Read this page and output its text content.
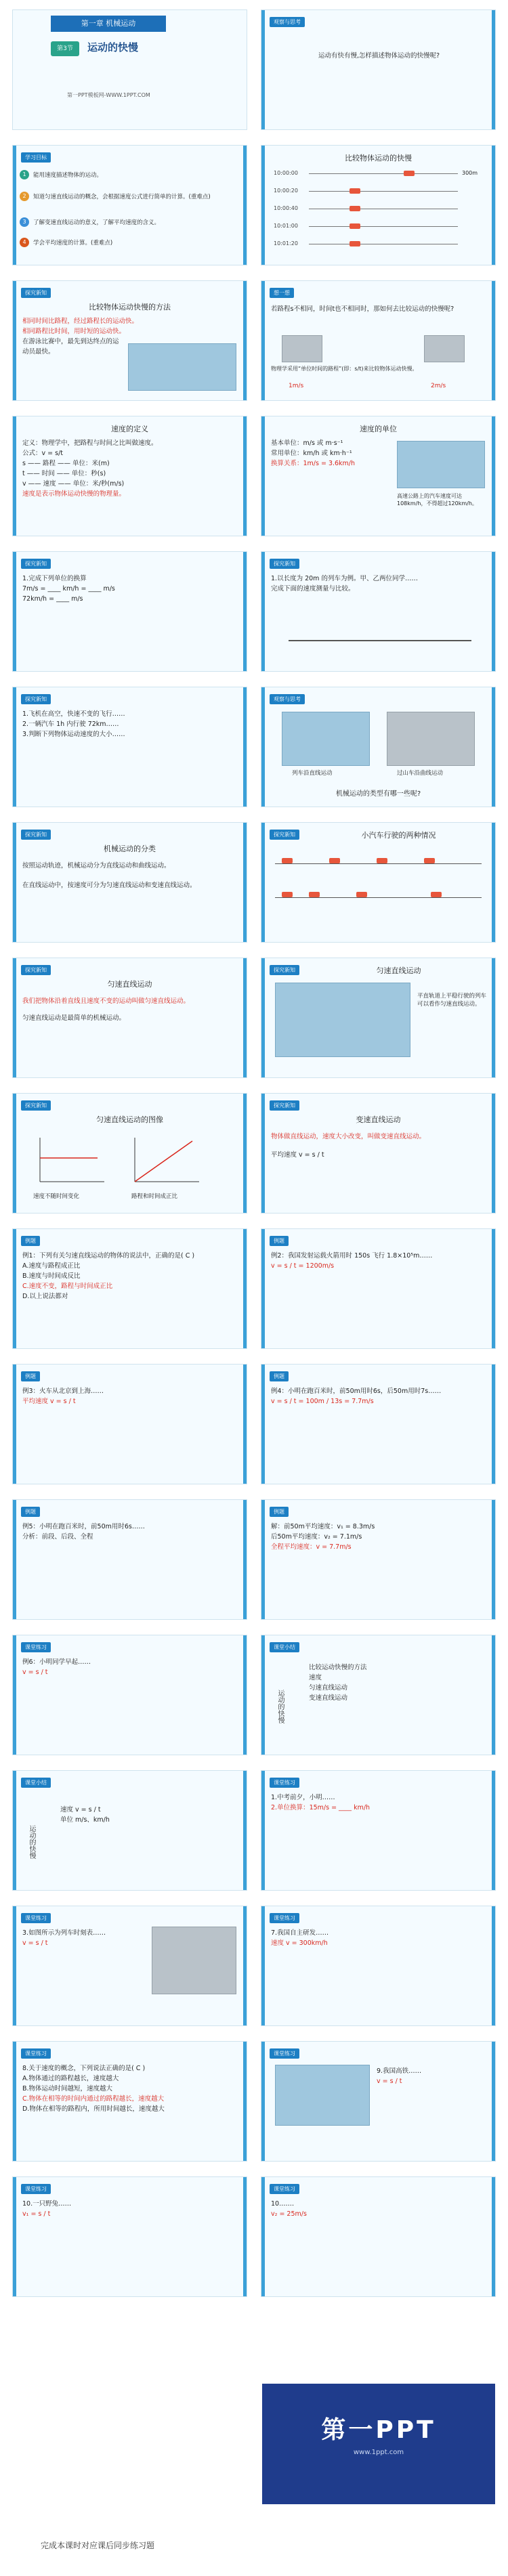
第一章 机械运动
第3节	运动的快慢
第一PPT模板网-WWW.1PPT.COM
观察与思考
运动有快有慢,怎样描述物体运动的快慢呢?
学习目标
1	能用速度描述物体的运动。
2	知道匀速直线运动的概念，会根据速度公式进行简单的计算。(重难点)
3	了解变速直线运动的意义，了解平均速度的含义。
4	学会平均速度的计算。(重难点)
比较物体运动的快慢
10:00:00
10:00:20
10:00:40
10:01:00
10:01:20
300m
探究新知
比较物体运动快慢的方法
相同时间比路程，经过路程长的运动快。
相同路程比时间，用时短的运动快。
在游泳比赛中，最先到达终点的运动员最快。
想一想
若路程s不相同，时间t也不相同时，那如何去比较运动的快慢呢?
1m/s	2m/s
物理学采用“单位时间的路程”(即：s/t)来比较物体运动快慢。
速度的定义
定义：物理学中，把路程与时间之比叫做速度。
公式：v = s/t
s —— 路程 —— 单位：米(m)
t —— 时间 —— 单位：秒(s)
v —— 速度 —— 单位：米/秒(m/s)
速度是表示物体运动快慢的物理量。
速度的单位
基本单位：m/s 或 m·s⁻¹
常用单位：km/h 或 km·h⁻¹
换算关系：1m/s = 3.6km/h
高速公路上的汽车速度可达108km/h，不得超过120km/h。
探究新知
1.完成下列单位的换算
7m/s = ____ km/h = ____ m/s
72km/h = ____ m/s
探究新知
1.以长度为 20m 的列车为例。甲、乙两位同学……
完成下面的速度测量与比较。
探究新知
1.飞机在高空，快速不变的飞行……
2.一辆汽车 1h 内行驶 72km……
3.判断下列物体运动速度的大小……
观察与思考
列车沿直线运动	过山车沿曲线运动
机械运动的类型有哪一些呢?
探究新知
机械运动的分类
按照运动轨迹，机械运动分为直线运动和曲线运动。
在直线运动中，按速度可分为匀速直线运动和变速直线运动。
探究新知	小汽车行驶的两种情况
探究新知
匀速直线运动
我们把物体沿着直线且速度不变的运动叫做匀速直线运动。
匀速直线运动是最简单的机械运动。
探究新知	匀速直线运动
平直轨道上平稳行驶的列车可以看作匀速直线运动。
探究新知
匀速直线运动的图像
速度不随时间变化	路程和时间成正比
探究新知
变速直线运动
物体做直线运动，速度大小改变，叫做变速直线运动。
平均速度 v = s / t
例题
例1：下列有关匀速直线运动的物体的说法中，正确的是( C )
A.速度与路程成正比
B.速度与时间成反比
C.速度不变，路程与时间成正比
D.以上说法都对
例题
例2：我国发射运载火箭用时 150s 飞行 1.8×10⁵m……
v = s / t = 1200m/s
例题
例3：火车从北京到上海……
平均速度 v = s / t
例题
例4：小明在跑百米时，前50m用时6s，后50m用时7s……
v = s / t = 100m / 13s = 7.7m/s
例题
例5：小明在跑百米时，前50m用时6s……
分析：前段、后段、全程
例题
解：前50m平均速度：v₁ = 8.3m/s
后50m平均速度：v₂ = 7.1m/s
全程平均速度：v = 7.7m/s
课堂练习
例6：小明同学早起……
v = s / t
课堂小结
运动的快慢
比较运动快慢的方法
速度
匀速直线运动
变速直线运动
课堂小结
运动的快慢
速度 v = s / t
单位 m/s、km/h
课堂练习
1.中考前夕，小明……
2.单位换算：15m/s = ____ km/h
课堂练习
3.如图所示为列车时刻表……
v = s / t
课堂练习
7.我国自主研发……
速度 v = 300km/h
课堂练习
8.关于速度的概念，下列说法正确的是( C )
A.物体通过的路程越长，速度越大
B.物体运动时间越短，速度越大
C.物体在相等的时间内通过的路程越长，速度越大
D.物体在相等的路程内，所用时间越长，速度越大
课堂练习
9.我国高铁……
v = s / t
课堂练习
10.一只野兔……
v₁ = s / t
课堂练习
10.……
v₂ = 25m/s
第一PPT
www.1ppt.com
完成本课时对应课后同步练习题
